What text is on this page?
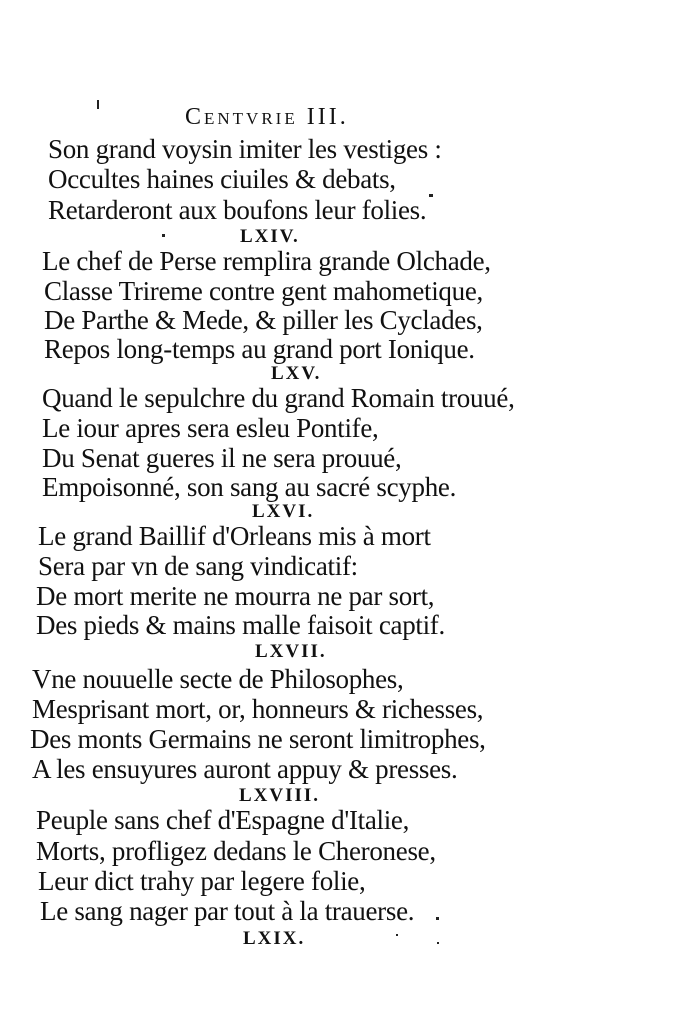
Centvrie III.
Son grand voysin imiter les vestiges :
Occultes haines ciuiles & debats,
Retarderont aux boufons leur folies.
LXIV.
Le chef de Perse remplira grande Olchade,
Classe Trireme contre gent mahometique,
De Parthe & Mede, & piller les Cyclades,
Repos long-temps au grand port Ionique.
LXV.
Quand le sepulchre du grand Romain trouué,
Le iour apres sera esleu Pontife,
Du Senat gueres il ne sera prouué,
Empoisonné, son sang au sacré scyphe.
LXVI.
Le grand Baillif d'Orleans mis à mort
Sera par vn de sang vindicatif:
De mort merite ne mourra ne par sort,
Des pieds & mains malle faisoit captif.
LXVII.
Vne nouuelle secte de Philosophes,
Mesprisant mort, or, honneurs & richesses,
Des monts Germains ne seront limitrophes,
A les ensuyures auront appuy & presses.
LXVIII.
Peuple sans chef d'Espagne d'Italie,
Morts, profligez dedans le Cheronese,
Leur dict trahy par legere folie,
Le sang nager par tout à la trauerse.
LXIX.
